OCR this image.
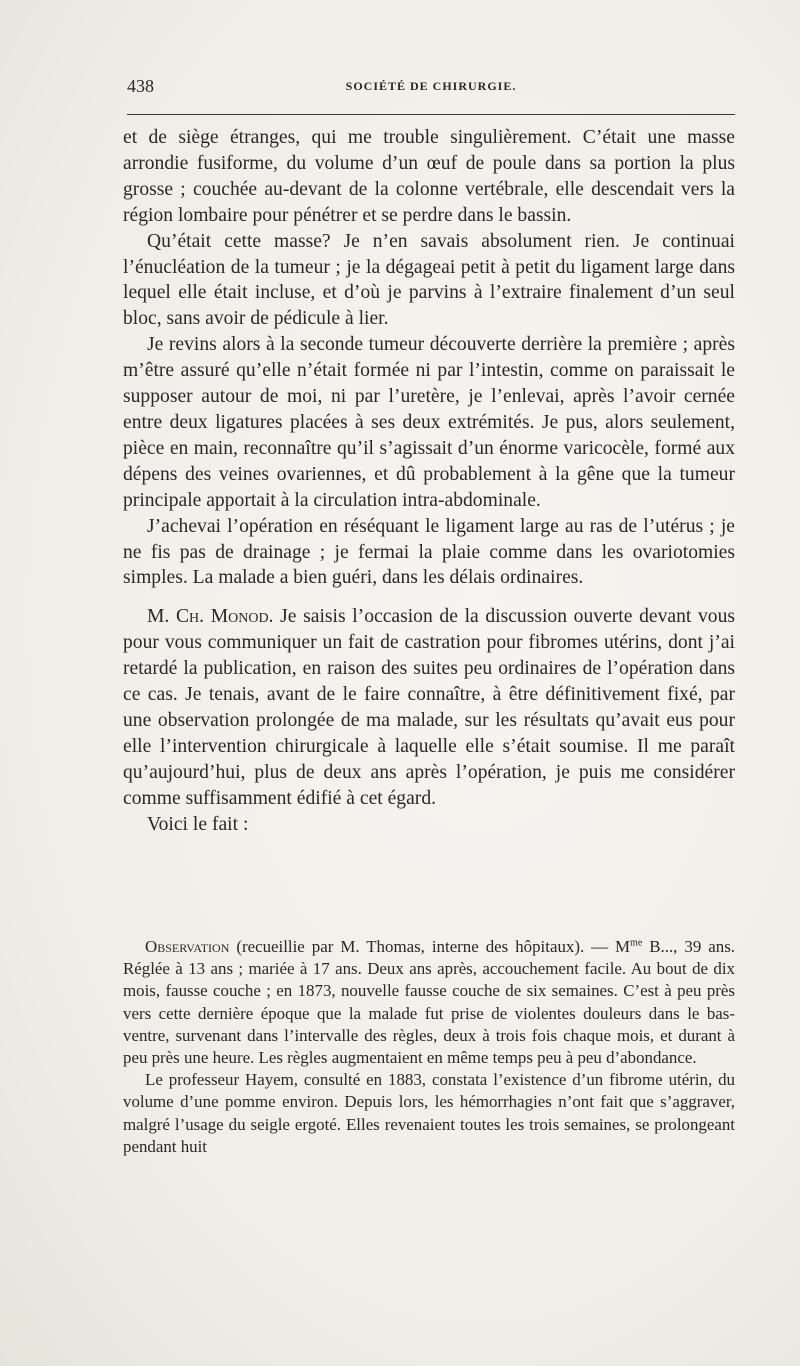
438	SOCIÉTÉ DE CHIRURGIE.

et de siège étranges, qui me trouble singulièrement. C’était une masse arrondie fusiforme, du volume d’un œuf de poule dans sa portion la plus grosse ; couchée au-devant de la colonne vertébrale, elle descendait vers la région lombaire pour pénétrer et se perdre dans le bassin.

Qu’était cette masse? Je n’en savais absolument rien. Je continuai l’énucléation de la tumeur ; je la dégageai petit à petit du ligament large dans lequel elle était incluse, et d’où je parvins à l’extraire finalement d’un seul bloc, sans avoir de pédicule à lier.

Je revins alors à la seconde tumeur découverte derrière la première ; après m’être assuré qu’elle n’était formée ni par l’intestin, comme on paraissait le supposer autour de moi, ni par l’uretère, je l’enlevai, après l’avoir cernée entre deux ligatures placées à ses deux extrémités. Je pus, alors seulement, pièce en main, reconnaître qu’il s’agissait d’un énorme varicocèle, formé aux dépens des veines ovariennes, et dû probablement à la gêne que la tumeur principale apportait à la circulation intra-abdominale.

J’achevai l’opération en réséquant le ligament large au ras de l’utérus ; je ne fis pas de drainage ; je fermai la plaie comme dans les ovariotomies simples. La malade a bien guéri, dans les délais ordinaires.

M. Ch. Monod. Je saisis l’occasion de la discussion ouverte devant vous pour vous communiquer un fait de castration pour fibromes utérins, dont j’ai retardé la publication, en raison des suites peu ordinaires de l’opération dans ce cas. Je tenais, avant de le faire connaître, à être définitivement fixé, par une observation prolongée de ma malade, sur les résultats qu’avait eus pour elle l’intervention chirurgicale à laquelle elle s’était soumise. Il me paraît qu’aujourd’hui, plus de deux ans après l’opération, je puis me considérer comme suffisamment édifié à cet égard.

Voici le fait :

Observation (recueillie par M. Thomas, interne des hôpitaux). — $M^{me}$ B..., 39 ans. Réglée à 13 ans ; mariée à 17 ans. Deux ans après, accouchement facile. Au bout de dix mois, fausse couche ; en 1873, nouvelle fausse couche de six semaines. C’est à peu près vers cette dernière époque que la malade fut prise de violentes douleurs dans le bas-ventre, survenant dans l’intervalle des règles, deux à trois fois chaque mois, et durant à peu près une heure. Les règles augmentaient en même temps peu à peu d’abondance.

Le professeur Hayem, consulté en 1883, constata l’existence d’un fibrome utérin, du volume d’une pomme environ. Depuis lors, les hémorrhagies n’ont fait que s’aggraver, malgré l’usage du seigle ergoté. Elles revenaient toutes les trois semaines, se prolongeant pendant huit
